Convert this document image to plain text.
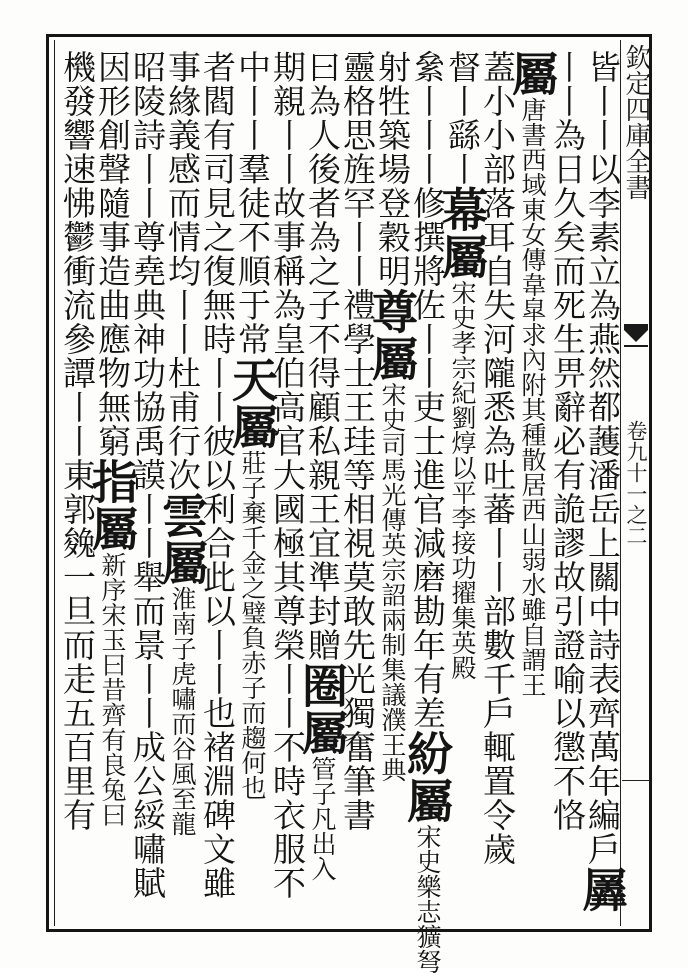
欽定四庫全書
卷九十一之二
皆丨丨以李素立為燕然都䕶潘岳上關中詩表齊萬年編戶羼
丨丨為日久矣而死生畀辭必有詭謬故引證喻以懲不恪
屬唐書西域東女傳韋皐求內附其種散居西山弱水雖自謂王
蓋小小部落耳自失河隴悉為吐蕃丨丨部數千戶輒置令歲
督丨繇丨幕屬宋史孝宗紀劉焞以平李接功擢集英殿
絫丨丨丨修撰將佐丨丨吏士進官減磨勘年有差紛屬宋史樂志獷弩
射牲築場登穀明尊屬宋史司馬光傳英宗詔兩制集議濮王典
靈格思旌罕丨丨禮學士王珪等相視莫敢先光獨奮筆書
曰為人後者為之子不得顧私親王宜準封贈圈屬管子凡出入
期親丨丨故事稱為皇伯高官大國極其尊榮丨丨不時衣服不
中丨丨羣徒不順于常天屬莊子棄千金之璧負赤子而趨何也
者閻有司見之復無時丨丨彼以利合此以丨丨也褚淵碑文雖
事緣義感而情均丨丨杜甫行次雲屬淮南子虎嘯而谷風至龍
昭陵詩丨丨尊堯典神功協禹謨丨丨舉而景丨丨成公綏嘯賦
因形創聲隨事造曲應物無窮指屬新序宋玉曰昔齊有良兔曰
機發響速怫鬱衝流參譚丨丨東郭㕙一旦而走五百里有
